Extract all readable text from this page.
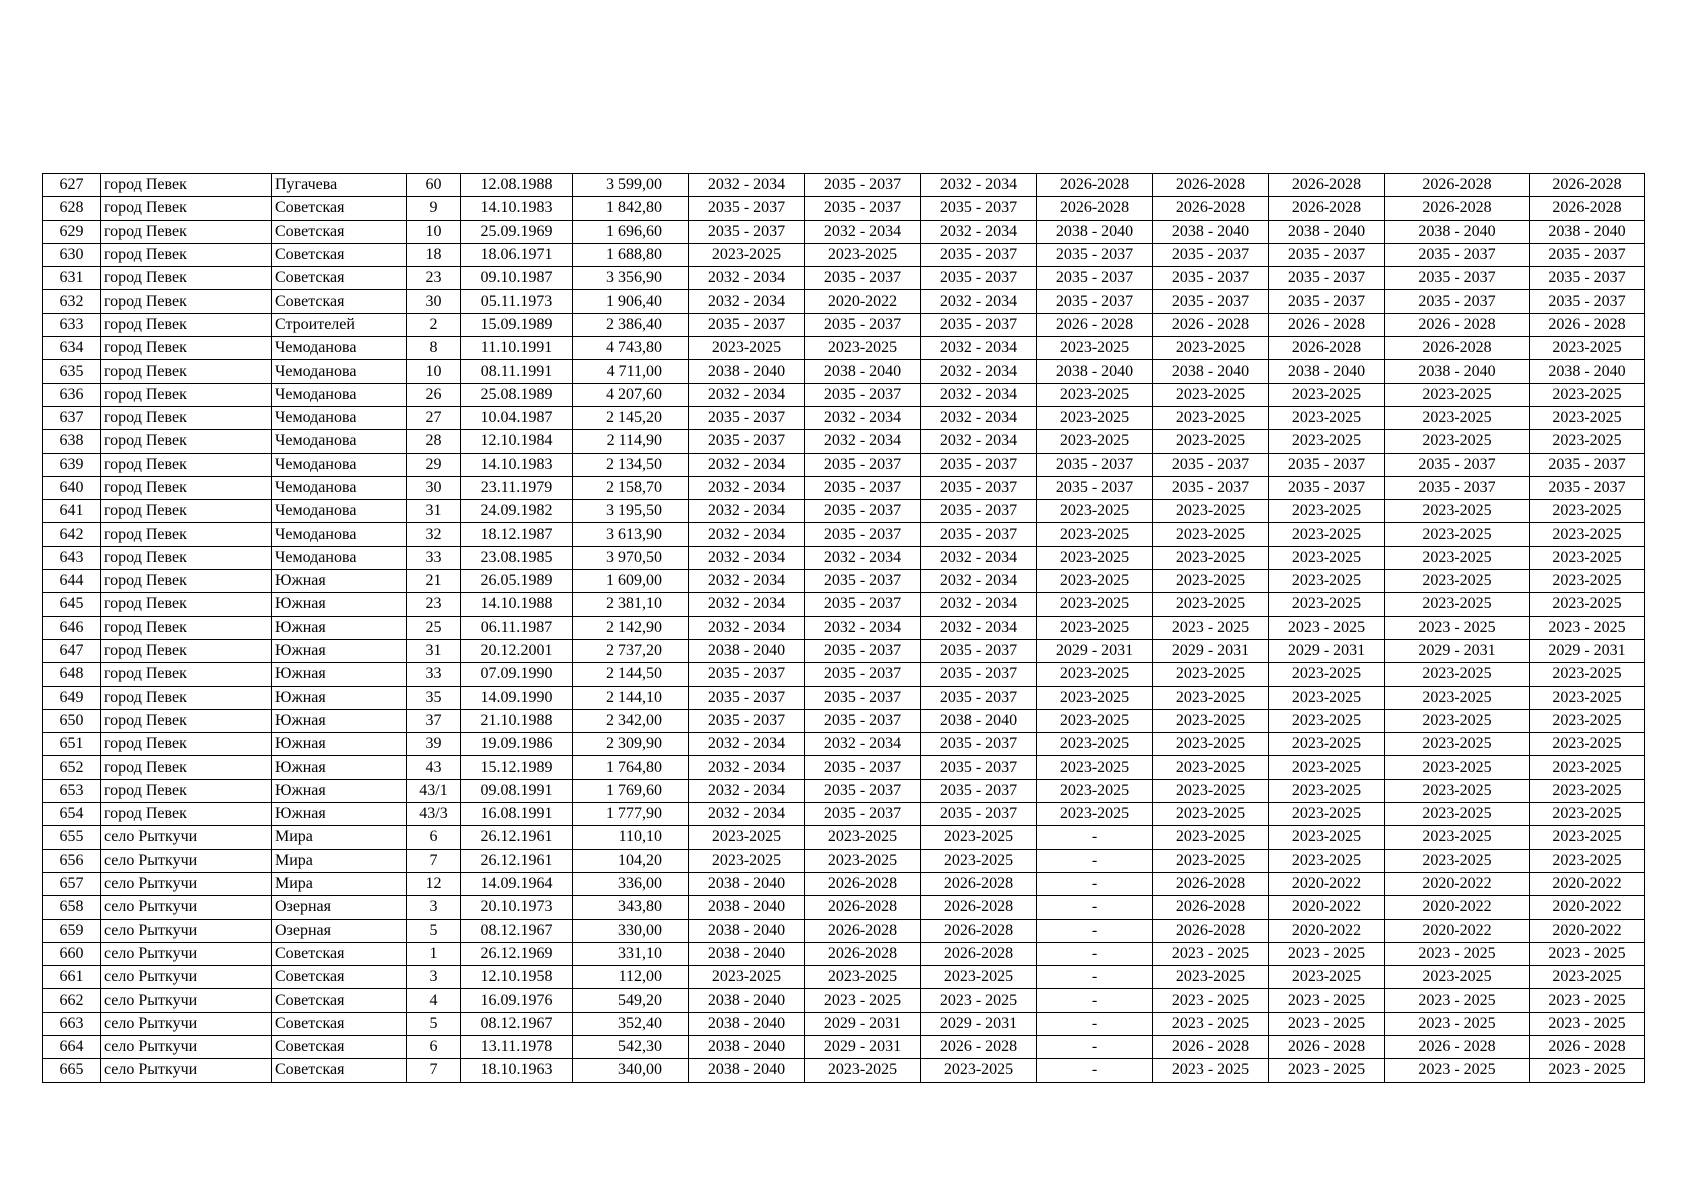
627	город Певек	Пугачева	60	12.08.1988	3 599,00	2032 - 2034	2035 - 2037	2032 - 2034	2026-2028	2026-2028	2026-2028	2026-2028	2026-2028
628	город Певек	Советская	9	14.10.1983	1 842,80	2035 - 2037	2035 - 2037	2035 - 2037	2026-2028	2026-2028	2026-2028	2026-2028	2026-2028
629	город Певек	Советская	10	25.09.1969	1 696,60	2035 - 2037	2032 - 2034	2032 - 2034	2038 - 2040	2038 - 2040	2038 - 2040	2038 - 2040	2038 - 2040
630	город Певек	Советская	18	18.06.1971	1 688,80	2023-2025	2023-2025	2035 - 2037	2035 - 2037	2035 - 2037	2035 - 2037	2035 - 2037	2035 - 2037
631	город Певек	Советская	23	09.10.1987	3 356,90	2032 - 2034	2035 - 2037	2035 - 2037	2035 - 2037	2035 - 2037	2035 - 2037	2035 - 2037	2035 - 2037
632	город Певек	Советская	30	05.11.1973	1 906,40	2032 - 2034	2020-2022	2032 - 2034	2035 - 2037	2035 - 2037	2035 - 2037	2035 - 2037	2035 - 2037
633	город Певек	Строителей	2	15.09.1989	2 386,40	2035 - 2037	2035 - 2037	2035 - 2037	2026 - 2028	2026 - 2028	2026 - 2028	2026 - 2028	2026 - 2028
634	город Певек	Чемоданова	8	11.10.1991	4 743,80	2023-2025	2023-2025	2032 - 2034	2023-2025	2023-2025	2026-2028	2026-2028	2023-2025
635	город Певек	Чемоданова	10	08.11.1991	4 711,00	2038 - 2040	2038 - 2040	2032 - 2034	2038 - 2040	2038 - 2040	2038 - 2040	2038 - 2040	2038 - 2040
636	город Певек	Чемоданова	26	25.08.1989	4 207,60	2032 - 2034	2035 - 2037	2032 - 2034	2023-2025	2023-2025	2023-2025	2023-2025	2023-2025
637	город Певек	Чемоданова	27	10.04.1987	2 145,20	2035 - 2037	2032 - 2034	2032 - 2034	2023-2025	2023-2025	2023-2025	2023-2025	2023-2025
638	город Певек	Чемоданова	28	12.10.1984	2 114,90	2035 - 2037	2032 - 2034	2032 - 2034	2023-2025	2023-2025	2023-2025	2023-2025	2023-2025
639	город Певек	Чемоданова	29	14.10.1983	2 134,50	2032 - 2034	2035 - 2037	2035 - 2037	2035 - 2037	2035 - 2037	2035 - 2037	2035 - 2037	2035 - 2037
640	город Певек	Чемоданова	30	23.11.1979	2 158,70	2032 - 2034	2035 - 2037	2035 - 2037	2035 - 2037	2035 - 2037	2035 - 2037	2035 - 2037	2035 - 2037
641	город Певек	Чемоданова	31	24.09.1982	3 195,50	2032 - 2034	2035 - 2037	2035 - 2037	2023-2025	2023-2025	2023-2025	2023-2025	2023-2025
642	город Певек	Чемоданова	32	18.12.1987	3 613,90	2032 - 2034	2035 - 2037	2035 - 2037	2023-2025	2023-2025	2023-2025	2023-2025	2023-2025
643	город Певек	Чемоданова	33	23.08.1985	3 970,50	2032 - 2034	2032 - 2034	2032 - 2034	2023-2025	2023-2025	2023-2025	2023-2025	2023-2025
644	город Певек	Южная	21	26.05.1989	1 609,00	2032 - 2034	2035 - 2037	2032 - 2034	2023-2025	2023-2025	2023-2025	2023-2025	2023-2025
645	город Певек	Южная	23	14.10.1988	2 381,10	2032 - 2034	2035 - 2037	2032 - 2034	2023-2025	2023-2025	2023-2025	2023-2025	2023-2025
646	город Певек	Южная	25	06.11.1987	2 142,90	2032 - 2034	2032 - 2034	2032 - 2034	2023-2025	2023 - 2025	2023 - 2025	2023 - 2025	2023 - 2025
647	город Певек	Южная	31	20.12.2001	2 737,20	2038 - 2040	2035 - 2037	2035 - 2037	2029 - 2031	2029 - 2031	2029 - 2031	2029 - 2031	2029 - 2031
648	город Певек	Южная	33	07.09.1990	2 144,50	2035 - 2037	2035 - 2037	2035 - 2037	2023-2025	2023-2025	2023-2025	2023-2025	2023-2025
649	город Певек	Южная	35	14.09.1990	2 144,10	2035 - 2037	2035 - 2037	2035 - 2037	2023-2025	2023-2025	2023-2025	2023-2025	2023-2025
650	город Певек	Южная	37	21.10.1988	2 342,00	2035 - 2037	2035 - 2037	2038 - 2040	2023-2025	2023-2025	2023-2025	2023-2025	2023-2025
651	город Певек	Южная	39	19.09.1986	2 309,90	2032 - 2034	2032 - 2034	2035 - 2037	2023-2025	2023-2025	2023-2025	2023-2025	2023-2025
652	город Певек	Южная	43	15.12.1989	1 764,80	2032 - 2034	2035 - 2037	2035 - 2037	2023-2025	2023-2025	2023-2025	2023-2025	2023-2025
653	город Певек	Южная	43/1	09.08.1991	1 769,60	2032 - 2034	2035 - 2037	2035 - 2037	2023-2025	2023-2025	2023-2025	2023-2025	2023-2025
654	город Певек	Южная	43/3	16.08.1991	1 777,90	2032 - 2034	2035 - 2037	2035 - 2037	2023-2025	2023-2025	2023-2025	2023-2025	2023-2025
655	село Рыткучи	Мира	6	26.12.1961	110,10	2023-2025	2023-2025	2023-2025	-	2023-2025	2023-2025	2023-2025	2023-2025
656	село Рыткучи	Мира	7	26.12.1961	104,20	2023-2025	2023-2025	2023-2025	-	2023-2025	2023-2025	2023-2025	2023-2025
657	село Рыткучи	Мира	12	14.09.1964	336,00	2038 - 2040	2026-2028	2026-2028	-	2026-2028	2020-2022	2020-2022	2020-2022
658	село Рыткучи	Озерная	3	20.10.1973	343,80	2038 - 2040	2026-2028	2026-2028	-	2026-2028	2020-2022	2020-2022	2020-2022
659	село Рыткучи	Озерная	5	08.12.1967	330,00	2038 - 2040	2026-2028	2026-2028	-	2026-2028	2020-2022	2020-2022	2020-2022
660	село Рыткучи	Советская	1	26.12.1969	331,10	2038 - 2040	2026-2028	2026-2028	-	2023 - 2025	2023 - 2025	2023 - 2025	2023 - 2025
661	село Рыткучи	Советская	3	12.10.1958	112,00	2023-2025	2023-2025	2023-2025	-	2023-2025	2023-2025	2023-2025	2023-2025
662	село Рыткучи	Советская	4	16.09.1976	549,20	2038 - 2040	2023 - 2025	2023 - 2025	-	2023 - 2025	2023 - 2025	2023 - 2025	2023 - 2025
663	село Рыткучи	Советская	5	08.12.1967	352,40	2038 - 2040	2029 - 2031	2029 - 2031	-	2023 - 2025	2023 - 2025	2023 - 2025	2023 - 2025
664	село Рыткучи	Советская	6	13.11.1978	542,30	2038 - 2040	2029 - 2031	2026 - 2028	-	2026 - 2028	2026 - 2028	2026 - 2028	2026 - 2028
665	село Рыткучи	Советская	7	18.10.1963	340,00	2038 - 2040	2023-2025	2023-2025	-	2023 - 2025	2023 - 2025	2023 - 2025	2023 - 2025
